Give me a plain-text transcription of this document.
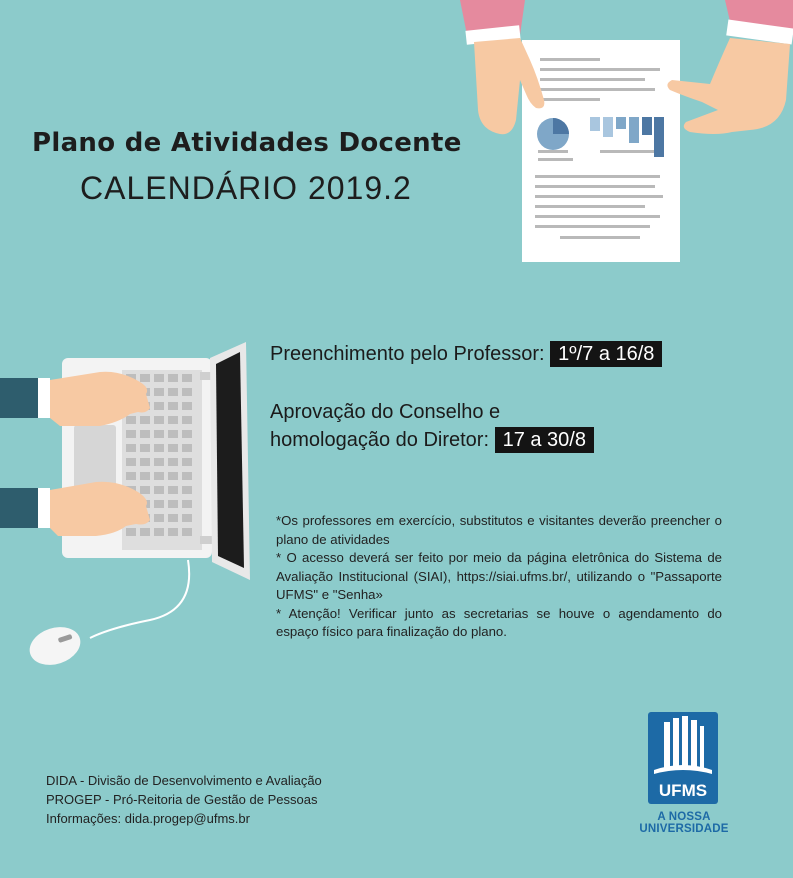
Plano de Atividades Docente
CALENDÁRIO 2019.2
Preenchimento pelo Professor: 1º/7 a 16/8
Aprovação do Conselho e
homologação do Diretor: 17 a 30/8

*Os professores em exercício, substitutos e visitantes deverão preencher o plano de atividades

* O acesso deverá ser feito por meio da página eletrônica do Sistema de Avaliação Institucional (SIAI), https://siai.ufms.br/, utilizando o "Passaporte UFMS" e "Senha»

* Atenção! Verificar junto as secretarias se houve o agendamento do espaço físico para finalização do plano.

DIDA - Divisão de Desenvolvimento e Avaliação
PROGEP - Pró-Reitoria de Gestão de Pessoas
Informações: dida.progep@ufms.br
UFMS
A NOSSA UNIVERSIDADE
